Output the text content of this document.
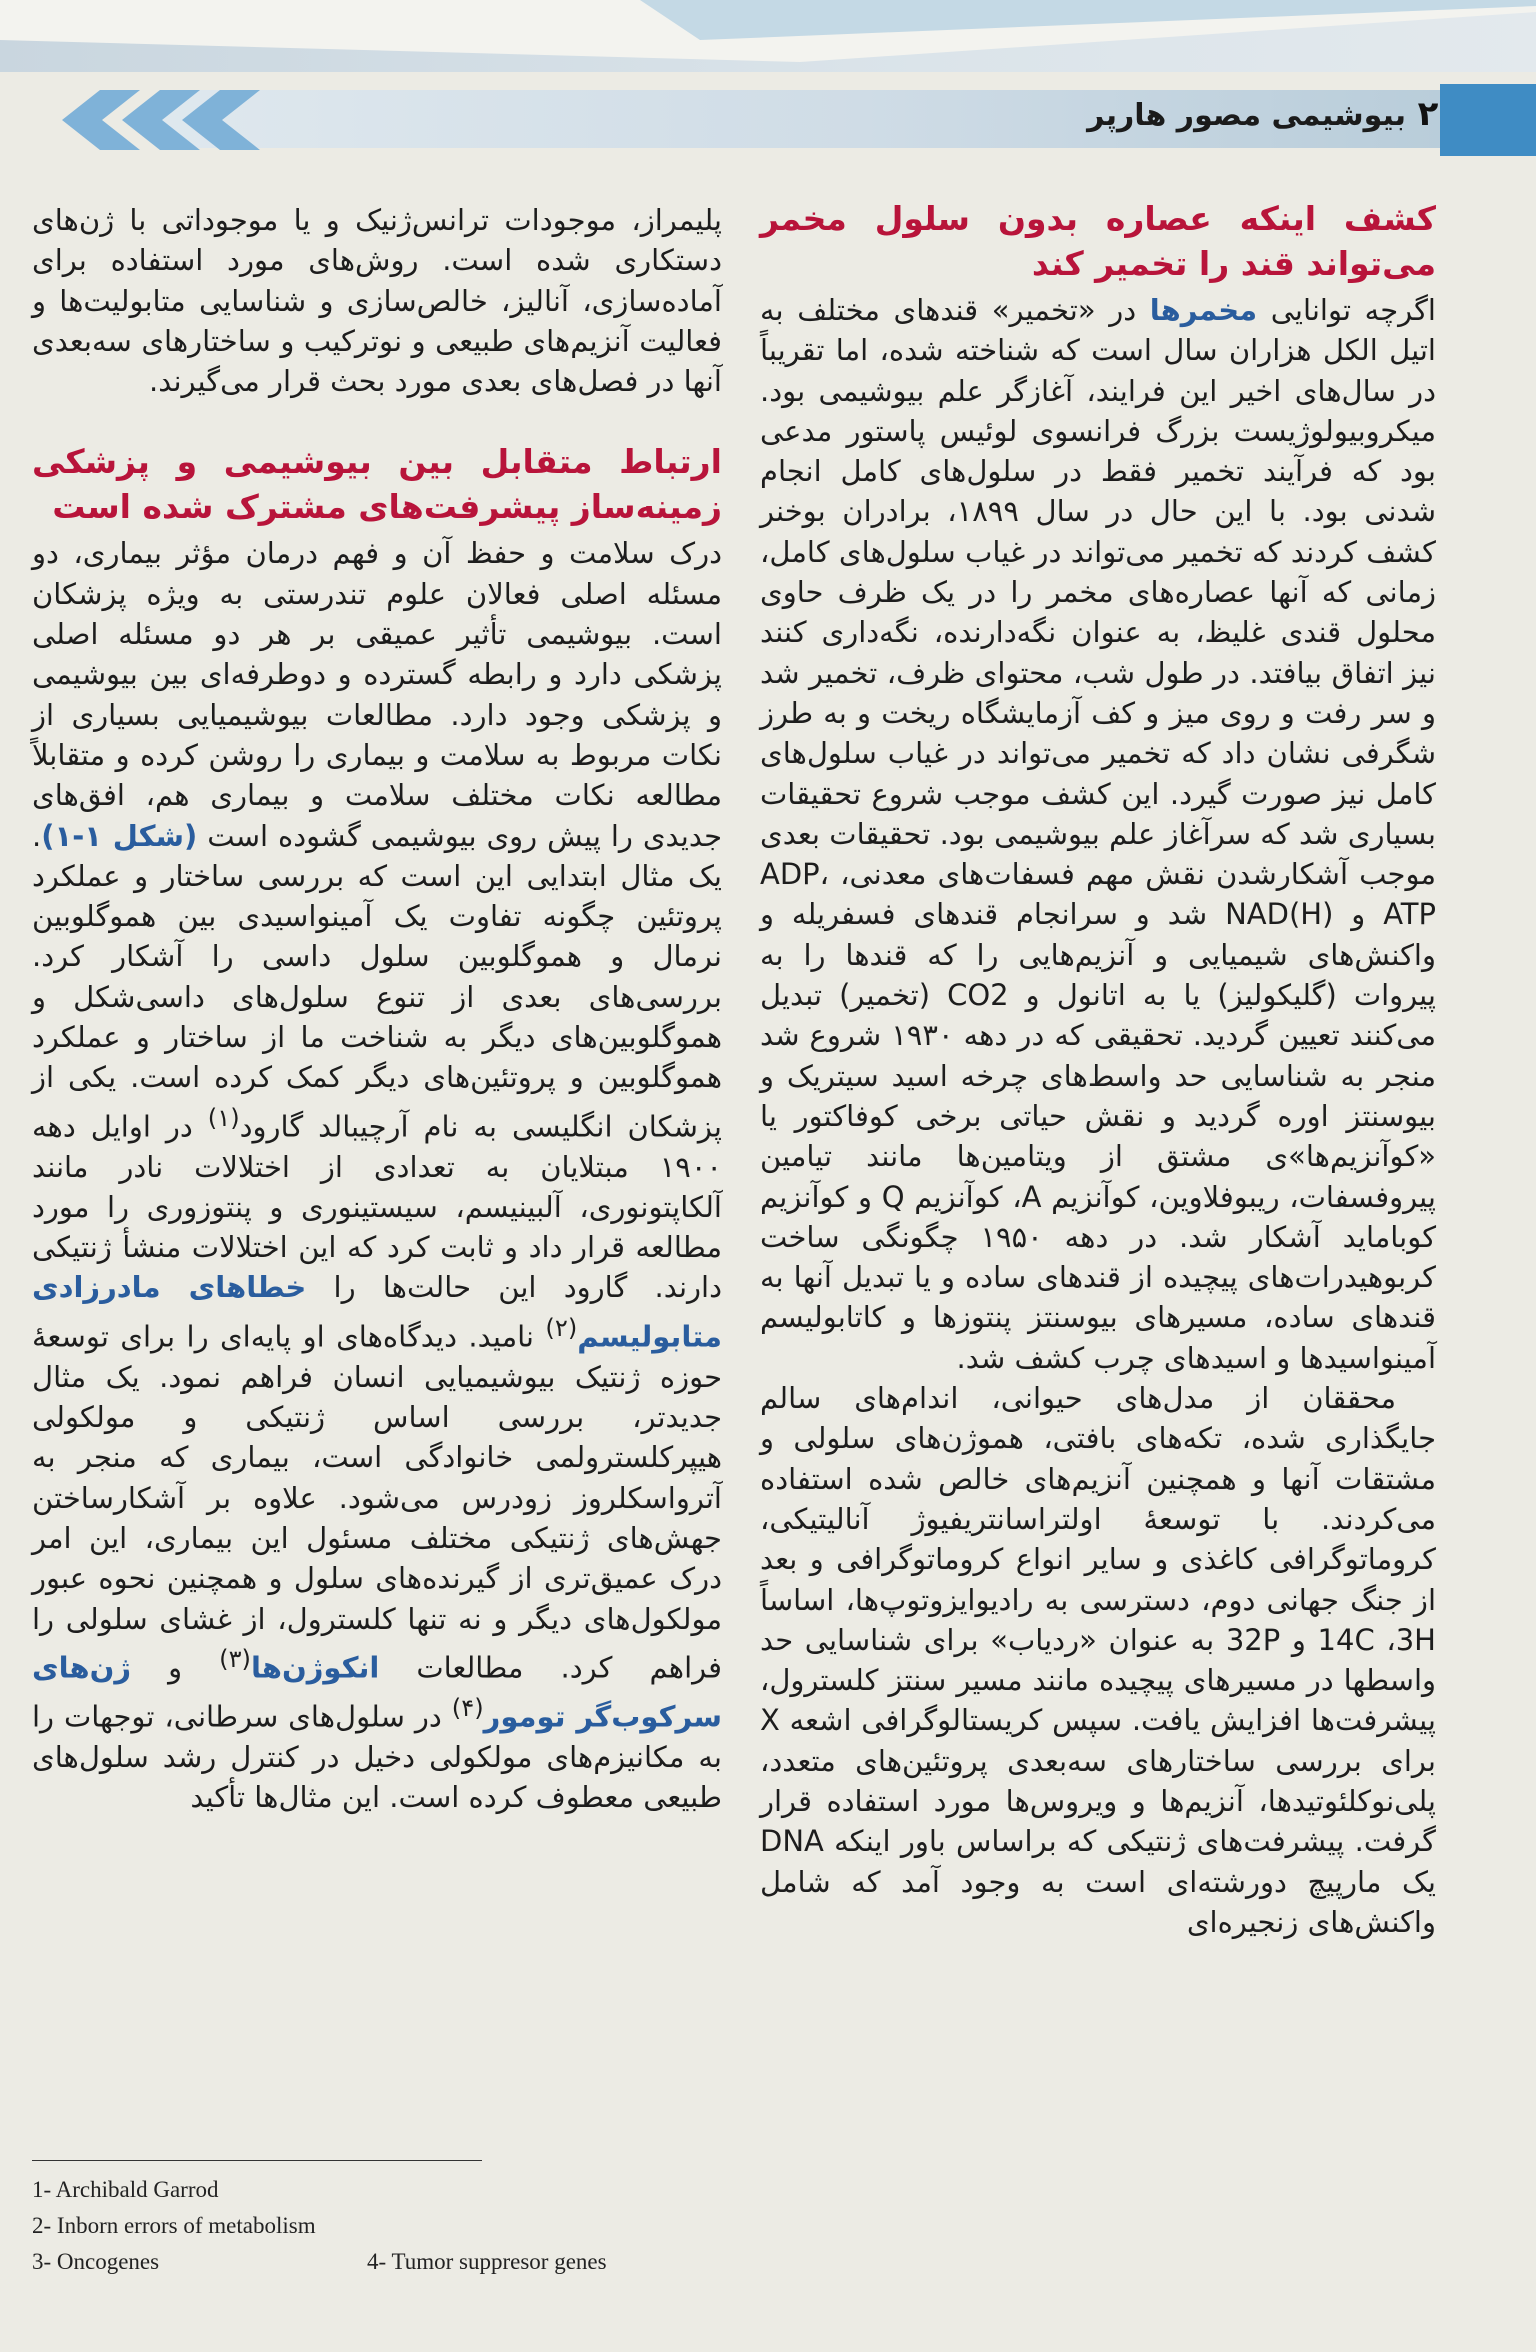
بیوشیمی مصور هارپر ۲
کشف اینکه عصاره بدون سلول مخمر می‌تواند قند را تخمیر کند

اگرچه توانایی مخمرها در «تخمیر» قندهای مختلف به اتیل الکل هزاران سال است که شناخته شده، اما تقریباً در سال‌های اخیر این فرایند، آغازگر علم بیوشیمی بود. میکروبیولوژیست بزرگ فرانسوی لوئیس پاستور مدعی بود که فرآیند تخمیر فقط در سلول‌های کامل انجام شدنی بود. با این حال در سال ۱۸۹۹، برادران بوخنر کشف کردند که تخمیر می‌تواند در غیاب سلول‌های کامل، زمانی که آنها عصاره‌های مخمر را در یک ظرف حاوی محلول قندی غلیظ، به عنوان نگه‌دارنده، نگه‌داری کنند نیز اتفاق بیافتد. در طول شب، محتوای ظرف، تخمیر شد و سر رفت و روی میز و کف آزمایشگاه ریخت و به طرز شگرفی نشان داد که تخمیر می‌تواند در غیاب سلول‌های کامل نیز صورت گیرد. این کشف موجب شروع تحقیقات بسیاری شد که سرآغاز علم بیوشیمی بود. تحقیقات بعدی موجب آشکارشدن نقش مهم فسفات‌های معدنی، ADP، ATP و NAD(H) شد و سرانجام قندهای فسفریله و واکنش‌های شیمیایی و آنزیم‌هایی را که قندها را به پیروات (گلیکولیز) یا به اتانول و CO2 (تخمیر) تبدیل می‌کنند تعیین گردید. تحقیقی که در دهه ۱۹۳۰ شروع شد منجر به شناسایی حد واسط‌های چرخه اسید سیتریک و بیوسنتز اوره گردید و نقش حیاتی برخی کوفاکتور یا «کوآنزیم‌ها»ی مشتق از ویتامین‌ها مانند تیامین پیروفسفات، ریبوفلاوین، کوآنزیم A، کوآنزیم Q و کوآنزیم کوباماید آشکار شد. در دهه ۱۹۵۰ چگونگی ساخت کربوهیدرات‌های پیچیده از قندهای ساده و یا تبدیل آنها به قندهای ساده، مسیرهای بیوسنتز پنتوزها و کاتابولیسم آمینواسیدها و اسیدهای چرب کشف شد.

محققان از مدل‌های حیوانی، اندام‌های سالم جایگذاری شده، تکه‌های بافتی، هموژن‌های سلولی و مشتقات آنها و همچنین آنزیم‌های خالص شده استفاده می‌کردند. با توسعهٔ اولتراسانتریفیوژ آنالیتیکی، کروماتوگرافی کاغذی و سایر انواع کروماتوگرافی و بعد از جنگ جهانی دوم، دسترسی به رادیوایزوتوپ‌ها، اساساً 14C ،3H و 32P به عنوان «ردیاب» برای شناسایی حد واسطها در مسیرهای پیچیده مانند مسیر سنتز کلسترول، پیشرفت‌ها افزایش یافت. سپس کریستالوگرافی اشعه X برای بررسی ساختارهای سه‌بعدی پروتئین‌های متعدد، پلی‌نوکلئوتیدها، آنزیم‌ها و ویروس‌ها مورد استفاده قرار گرفت. پیشرفت‌های ژنتیکی که براساس باور اینکه DNA یک مارپیچ دورشته‌ای است به وجود آمد که شامل واکنش‌های زنجیره‌ای

پلیمراز، موجودات ترانس‌ژنیک و یا موجوداتی با ژن‌های دستکاری شده است. روش‌های مورد استفاده برای آماده‌سازی، آنالیز، خالص‌سازی و شناسایی متابولیت‌ها و فعالیت آنزیم‌های طبیعی و نوترکیب و ساختارهای سه‌بعدی آنها در فصل‌های بعدی مورد بحث قرار می‌گیرند.

ارتباط متقابل بین بیوشیمی و پزشکی زمینه‌ساز پیشرفت‌های مشترک شده است

درک سلامت و حفظ آن و فهم درمان مؤثر بیماری، دو مسئله اصلی فعالان علوم تندرستی به ویژه پزشکان است. بیوشیمی تأثیر عمیقی بر هر دو مسئله اصلی پزشکی دارد و رابطه گسترده و دوطرفه‌ای بین بیوشیمی و پزشکی وجود دارد. مطالعات بیوشیمیایی بسیاری از نکات مربوط به سلامت و بیماری را روشن کرده و متقابلاً مطالعه نکات مختلف سلامت و بیماری هم، افق‌های جدیدی را پیش روی بیوشیمی گشوده است (شکل ۱-۱). یک مثال ابتدایی این است که بررسی ساختار و عملکرد پروتئین چگونه تفاوت یک آمینواسیدی بین هموگلوبین نرمال و هموگلوبین سلول داسی را آشکار کرد. بررسی‌های بعدی از تنوع سلول‌های داسی‌شکل و هموگلوبین‌های دیگر به شناخت ما از ساختار و عملکرد هموگلوبین و پروتئین‌های دیگر کمک کرده است. یکی از پزشکان انگلیسی به نام آرچیبالد گارود$^{(۱)}$ در اوایل دهه ۱۹۰۰ مبتلایان به تعدادی از اختلالات نادر مانند آلکاپتونوری، آلبینیسم، سیستینوری و پنتوزوری را مورد مطالعه قرار داد و ثابت کرد که این اختلالات منشأ ژنتیکی دارند. گارود این حالت‌ها را خطاهای مادرزادی متابولیسم$^{(۲)}$ نامید. دیدگاه‌های او پایه‌ای را برای توسعهٔ حوزه ژنتیک بیوشیمیایی انسان فراهم نمود. یک مثال جدیدتر، بررسی اساس ژنتیکی و مولکولی هیپرکلسترولمی خانوادگی است، بیماری که منجر به آترواسکلروز زودرس می‌شود. علاوه بر آشکارساختن جهش‌های ژنتیکی مختلف مسئول این بیماری، این امر درک عمیق‌تری از گیرنده‌های سلول و همچنین نحوه عبور مولکول‌های دیگر و نه تنها کلسترول، از غشای سلولی را فراهم کرد. مطالعات انکوژن‌ها$^{(۳)}$ و ژن‌های سرکوب‌گر تومور$^{(۴)}$ در سلول‌های سرطانی، توجهات را به مکانیزم‌های مولکولی دخیل در کنترل رشد سلول‌های طبیعی معطوف کرده است. این مثال‌ها تأکید

1- Archibald Garrod
2- Inborn errors of metabolism
3- Oncogenes	4- Tumor suppresor genes
